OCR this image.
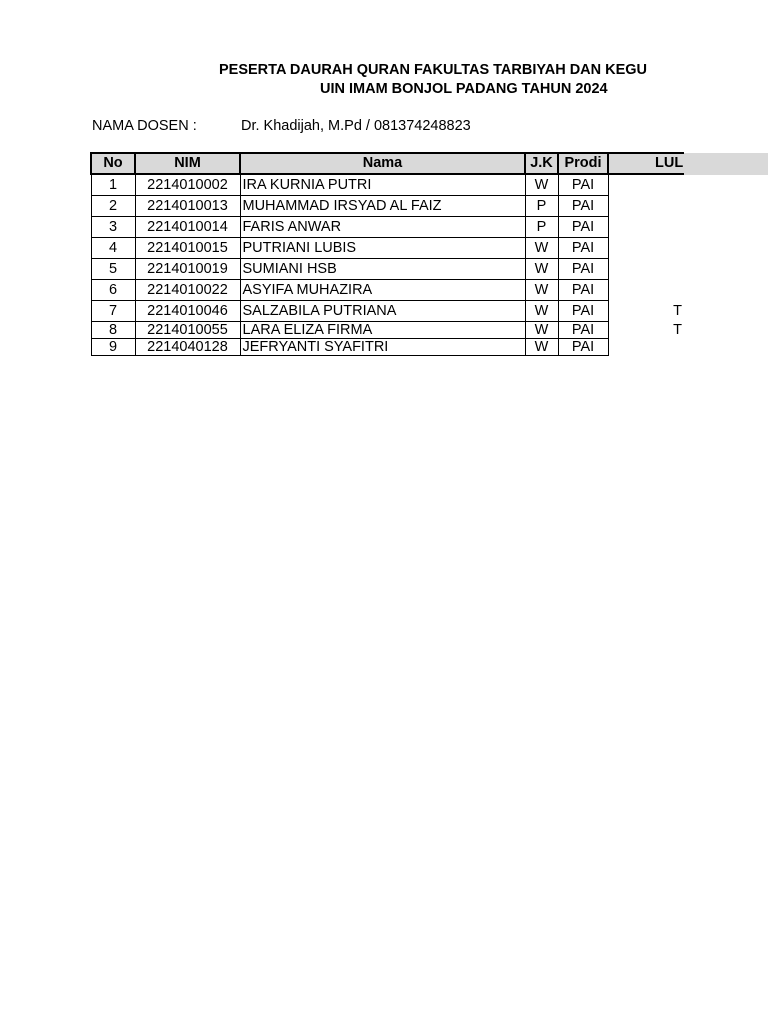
PESERTA DAURAH QURAN FAKULTAS TARBIYAH DAN KEGU
UIN IMAM BONJOL PADANG TAHUN 2024
NAMA DOSEN :	Dr. Khadijah, M.Pd / 081374248823
No	NIM	Nama	J.K	Prodi	LUL
1	2214010002	IRA KURNIA PUTRI	W	PAI	
2	2214010013	MUHAMMAD IRSYAD AL FAIZ	P	PAI	
3	2214010014	FARIS ANWAR	P	PAI	
4	2214010015	PUTRIANI LUBIS	W	PAI	
5	2214010019	SUMIANI HSB	W	PAI	
6	2214010022	ASYIFA MUHAZIRA	W	PAI	
7	2214010046	SALZABILA PUTRIANA	W	PAI	T
8	2214010055	LARA ELIZA FIRMA	W	PAI	T
9	2214040128	JEFRYANTI SYAFITRI	W	PAI	
